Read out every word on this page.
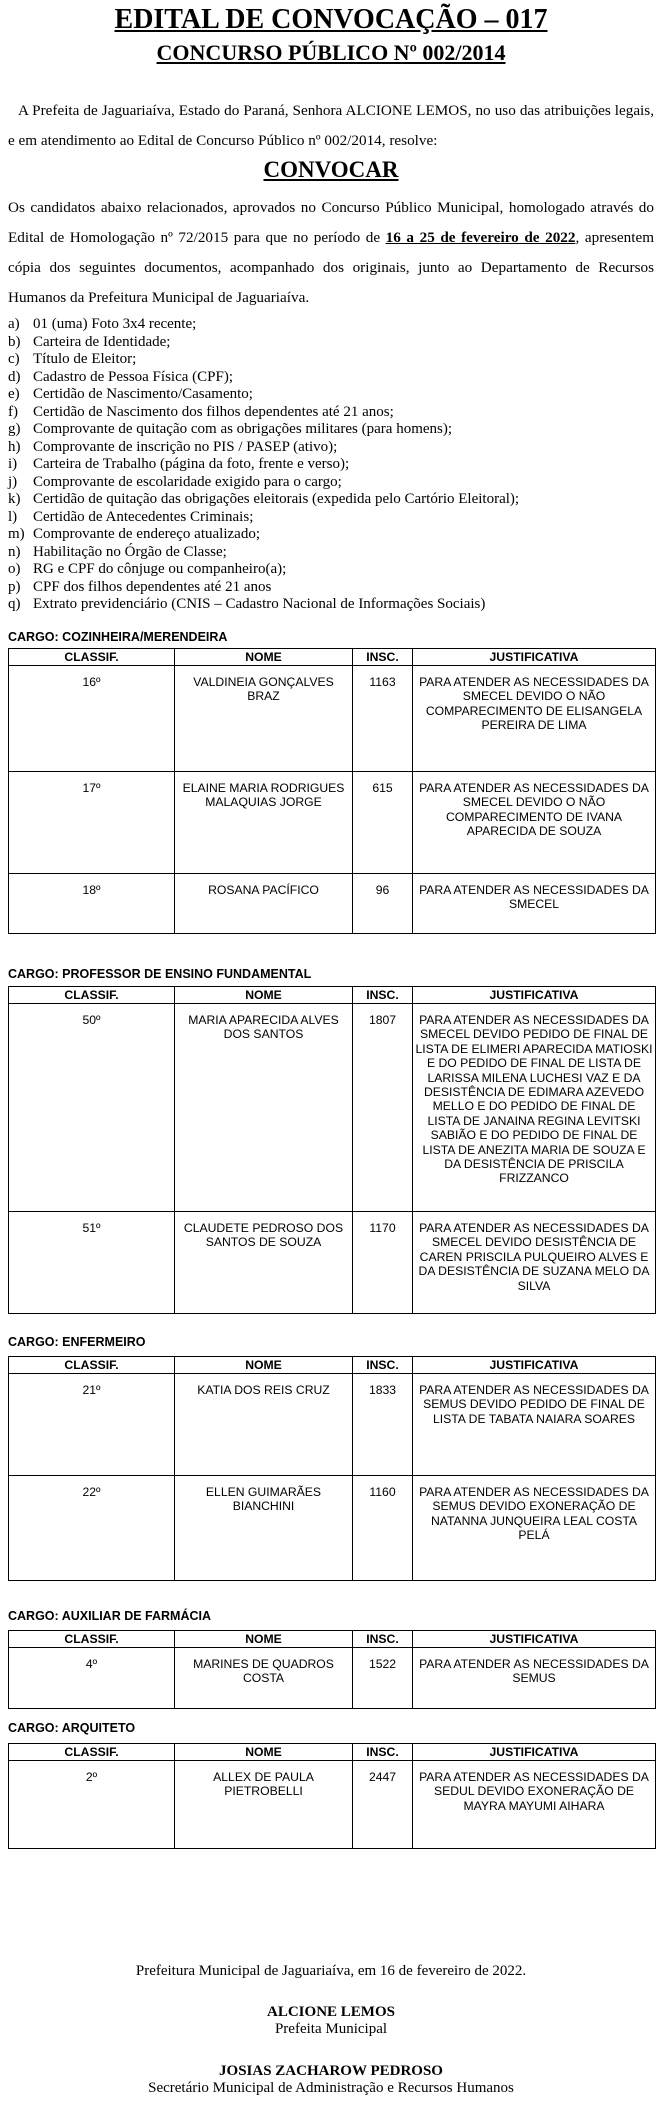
EDITAL DE CONVOCAÇÃO – 017
CONCURSO PÚBLICO Nº 002/2014

A Prefeita de Jaguariaíva, Estado do Paraná, Senhora ALCIONE LEMOS, no uso das atribuições legais, e em atendimento ao Edital de Concurso Público nº 002/2014, resolve:

CONVOCAR

Os candidatos abaixo relacionados, aprovados no Concurso Público Municipal, homologado através do Edital de Homologação nº 72/2015 para que no período de 16 a 25 de fevereiro de 2022, apresentem cópia dos seguintes documentos, acompanhado dos originais, junto ao Departamento de Recursos Humanos da Prefeitura Municipal de Jaguariaíva.

a) 01 (uma) Foto 3x4 recente;
b) Carteira de Identidade;
c) Título de Eleitor;
d) Cadastro de Pessoa Física (CPF);
e) Certidão de Nascimento/Casamento;
f)	Certidão de Nascimento dos filhos dependentes até 21 anos;
g) Comprovante de quitação com as obrigações militares (para homens);
h) Comprovante de inscrição no PIS / PASEP (ativo);
i)	Carteira de Trabalho (página da foto, frente e verso);
j)	Comprovante de escolaridade exigido para o cargo;
k) Certidão de quitação das obrigações eleitorais (expedida pelo Cartório Eleitoral);
l)	Certidão de Antecedentes Criminais;
m) Comprovante de endereço atualizado;
n) Habilitação no Órgão de Classe;
o) RG e CPF do cônjuge ou companheiro(a);
p) CPF dos filhos dependentes até 21 anos
q) Extrato previdenciário (CNIS – Cadastro Nacional de Informações Sociais)
CARGO: COZINHEIRA/MERENDEIRA
CLASSIF.	NOME	INSC.	JUSTIFICATIVA
16º	VALDINEIA GONÇALVES BRAZ	1163	PARA ATENDER AS NECESSIDADES DA SMECEL DEVIDO O NÃO COMPARECIMENTO DE ELISANGELA PEREIRA DE LIMA
17º	ELAINE MARIA RODRIGUES MALAQUIAS JORGE	615	PARA ATENDER AS NECESSIDADES DA SMECEL DEVIDO O NÃO COMPARECIMENTO DE IVANA APARECIDA DE SOUZA
18º	ROSANA PACÍFICO	96	PARA ATENDER AS NECESSIDADES DA SMECEL
CARGO: PROFESSOR DE ENSINO FUNDAMENTAL
CLASSIF.	NOME	INSC.	JUSTIFICATIVA
50º	MARIA APARECIDA ALVES DOS SANTOS	1807	PARA ATENDER AS NECESSIDADES DA SMECEL DEVIDO PEDIDO DE FINAL DE LISTA DE ELIMERI APARECIDA MATIOSKI E DO PEDIDO DE FINAL DE LISTA DE LARISSA MILENA LUCHESI VAZ E DA DESISTÊNCIA DE EDIMARA AZEVEDO MELLO E DO PEDIDO DE FINAL DE LISTA DE JANAINA REGINA LEVITSKI SABIÃO E DO PEDIDO DE FINAL DE LISTA DE ANEZITA MARIA DE SOUZA E DA DESISTÊNCIA DE PRISCILA FRIZZANCO
51º	CLAUDETE PEDROSO DOS SANTOS DE SOUZA	1170	PARA ATENDER AS NECESSIDADES DA SMECEL DEVIDO DESISTÊNCIA DE CAREN PRISCILA PULQUEIRO ALVES E DA DESISTÊNCIA DE SUZANA MELO DA SILVA
CARGO: ENFERMEIRO
CLASSIF.	NOME	INSC.	JUSTIFICATIVA
21º	KATIA DOS REIS CRUZ	1833	PARA ATENDER AS NECESSIDADES DA SEMUS DEVIDO PEDIDO DE FINAL DE LISTA DE TABATA NAIARA SOARES
22º	ELLEN GUIMARÃES BIANCHINI	1160	PARA ATENDER AS NECESSIDADES DA SEMUS DEVIDO EXONERAÇÃO DE NATANNA JUNQUEIRA LEAL COSTA PELÁ
CARGO: AUXILIAR DE FARMÁCIA
CLASSIF.	NOME	INSC.	JUSTIFICATIVA
4º	MARINES DE QUADROS COSTA	1522	PARA ATENDER AS NECESSIDADES DA SEMUS
CARGO: ARQUITETO
CLASSIF.	NOME	INSC.	JUSTIFICATIVA
2º	ALLEX DE PAULA PIETROBELLI	2447	PARA ATENDER AS NECESSIDADES DA SEDUL DEVIDO EXONERAÇÃO DE MAYRA MAYUMI AIHARA
Prefeitura Municipal de Jaguariaíva, em 16 de fevereiro de 2022.
ALCIONE LEMOS
Prefeita Municipal
JOSIAS ZACHAROW PEDROSO
Secretário Municipal de Administração e Recursos Humanos
